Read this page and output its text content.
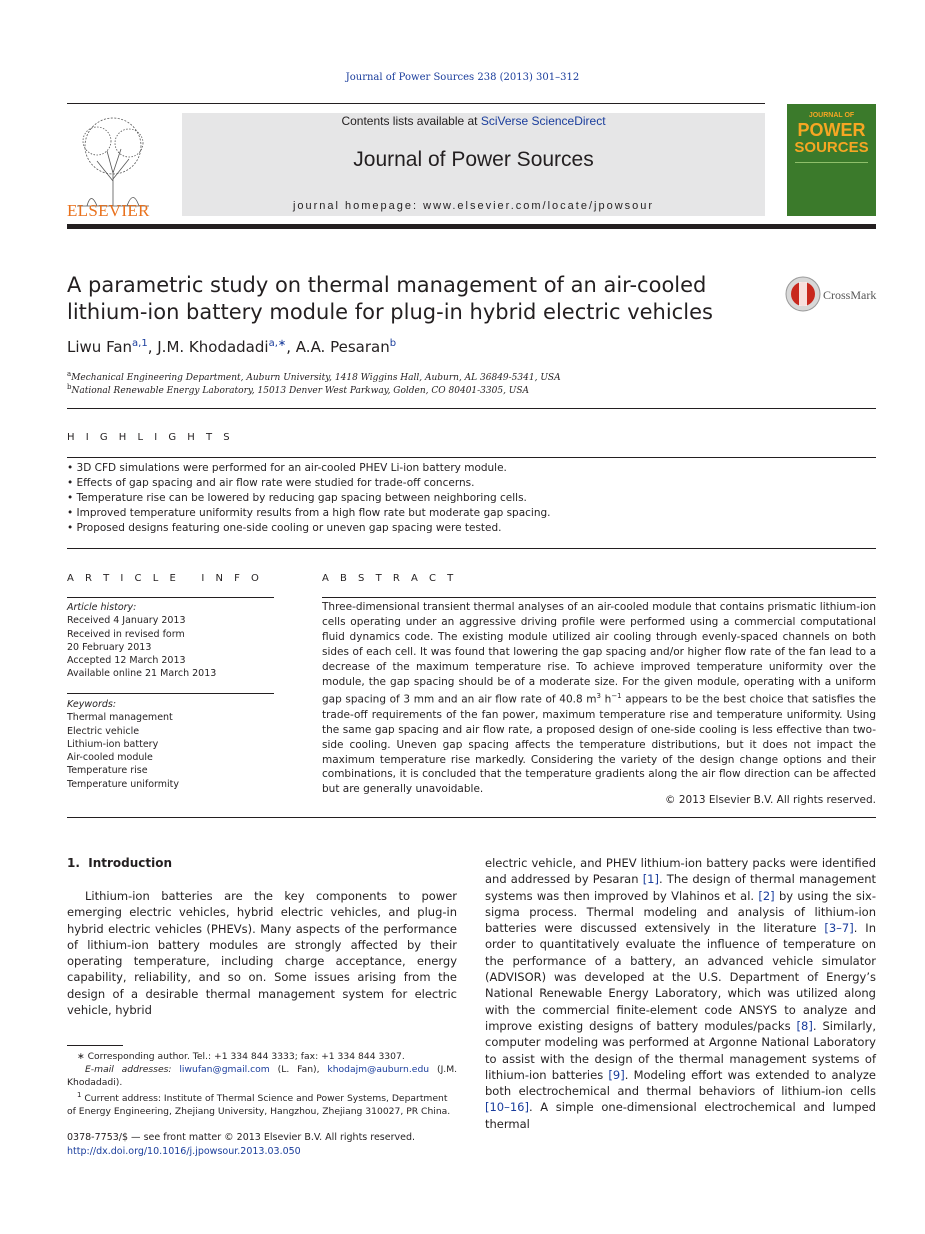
Journal of Power Sources 238 (2013) 301–312
ELSEVIER
Contents lists available at SciVerse ScienceDirect
Journal of Power Sources
journal homepage: www.elsevier.com/locate/jpowsour
JOURNAL OF
POWER
SOURCES
A parametric study on thermal management of an air-cooled
lithium-ion battery module for plug-in hybrid electric vehicles
CrossMark
Liwu Fan$^{a,1}$, J.M. Khodadadi$^{a,∗}$, A.A. Pesaran$^b$
$^a$Mechanical Engineering Department, Auburn University, 1418 Wiggins Hall, Auburn, AL 36849-5341, USA
$^b$National Renewable Energy Laboratory, 15013 Denver West Parkway, Golden, CO 80401-3305, USA
H I G H L I G H T S
• 3D CFD simulations were performed for an air-cooled PHEV Li-ion battery module.
• Effects of gap spacing and air flow rate were studied for trade-off concerns.
• Temperature rise can be lowered by reducing gap spacing between neighboring cells.
• Improved temperature uniformity results from a high flow rate but moderate gap spacing.
• Proposed designs featuring one-side cooling or uneven gap spacing were tested.
A R T I C L E   I N F O
Article history:
Received 4 January 2013
Received in revised form
20 February 2013
Accepted 12 March 2013
Available online 21 March 2013
Keywords:
Thermal management
Electric vehicle
Lithium-ion battery
Air-cooled module
Temperature rise
Temperature uniformity
A B S T R A C T
Three-dimensional transient thermal analyses of an air-cooled module that contains prismatic lithium-ion cells operating under an aggressive driving profile were performed using a commercial computational fluid dynamics code. The existing module utilized air cooling through evenly-spaced channels on both sides of each cell. It was found that lowering the gap spacing and/or higher flow rate of the fan lead to a decrease of the maximum temperature rise. To achieve improved temperature uniformity over the module, the gap spacing should be of a moderate size. For the given module, operating with a uniform gap spacing of 3 mm and an air flow rate of 40.8 $m^3$ $h^{-1}$ appears to be the best choice that satisfies the trade-off requirements of the fan power, maximum temperature rise and temperature uniformity. Using the same gap spacing and air flow rate, a proposed design of one-side cooling is less effective than two-side cooling. Uneven gap spacing affects the temperature distributions, but it does not impact the maximum temperature rise markedly. Considering the variety of the design change options and their combinations, it is concluded that the temperature gradients along the air flow direction can be affected but are generally unavoidable.
© 2013 Elsevier B.V. All rights reserved.
1.  Introduction
Lithium-ion batteries are the key components to power emerging electric vehicles, hybrid electric vehicles, and plug-in hybrid electric vehicles (PHEVs). Many aspects of the performance of lithium-ion battery modules are strongly affected by their operating temperature, including charge acceptance, energy capability, reliability, and so on. Some issues arising from the design of a desirable thermal management system for electric vehicle, hybrid
electric vehicle, and PHEV lithium-ion battery packs were identified and addressed by Pesaran [1]. The design of thermal management systems was then improved by Vlahinos et al. [2] by using the six-sigma process. Thermal modeling and analysis of lithium-ion batteries were discussed extensively in the literature [3–7]. In order to quantitatively evaluate the influence of temperature on the performance of a battery, an advanced vehicle simulator (ADVISOR) was developed at the U.S. Department of Energy’s National Renewable Energy Laboratory, which was utilized along with the commercial finite-element code ANSYS to analyze and improve existing designs of battery modules/packs [8]. Similarly, computer modeling was performed at Argonne National Laboratory to assist with the design of the thermal management systems of lithium-ion batteries [9]. Modeling effort was extended to analyze both electrochemical and thermal behaviors of lithium-ion cells [10–16]. A simple one-dimensional electrochemical and lumped thermal
∗ Corresponding author. Tel.: +1 334 844 3333; fax: +1 334 844 3307.
E-mail addresses: liwufan@gmail.com (L. Fan), khodajm@auburn.edu (J.M. Khodadadi).
$^1$ Current address: Institute of Thermal Science and Power Systems, Department of Energy Engineering, Zhejiang University, Hangzhou, Zhejiang 310027, PR China.
0378-7753/$ — see front matter © 2013 Elsevier B.V. All rights reserved.
http://dx.doi.org/10.1016/j.jpowsour.2013.03.050
